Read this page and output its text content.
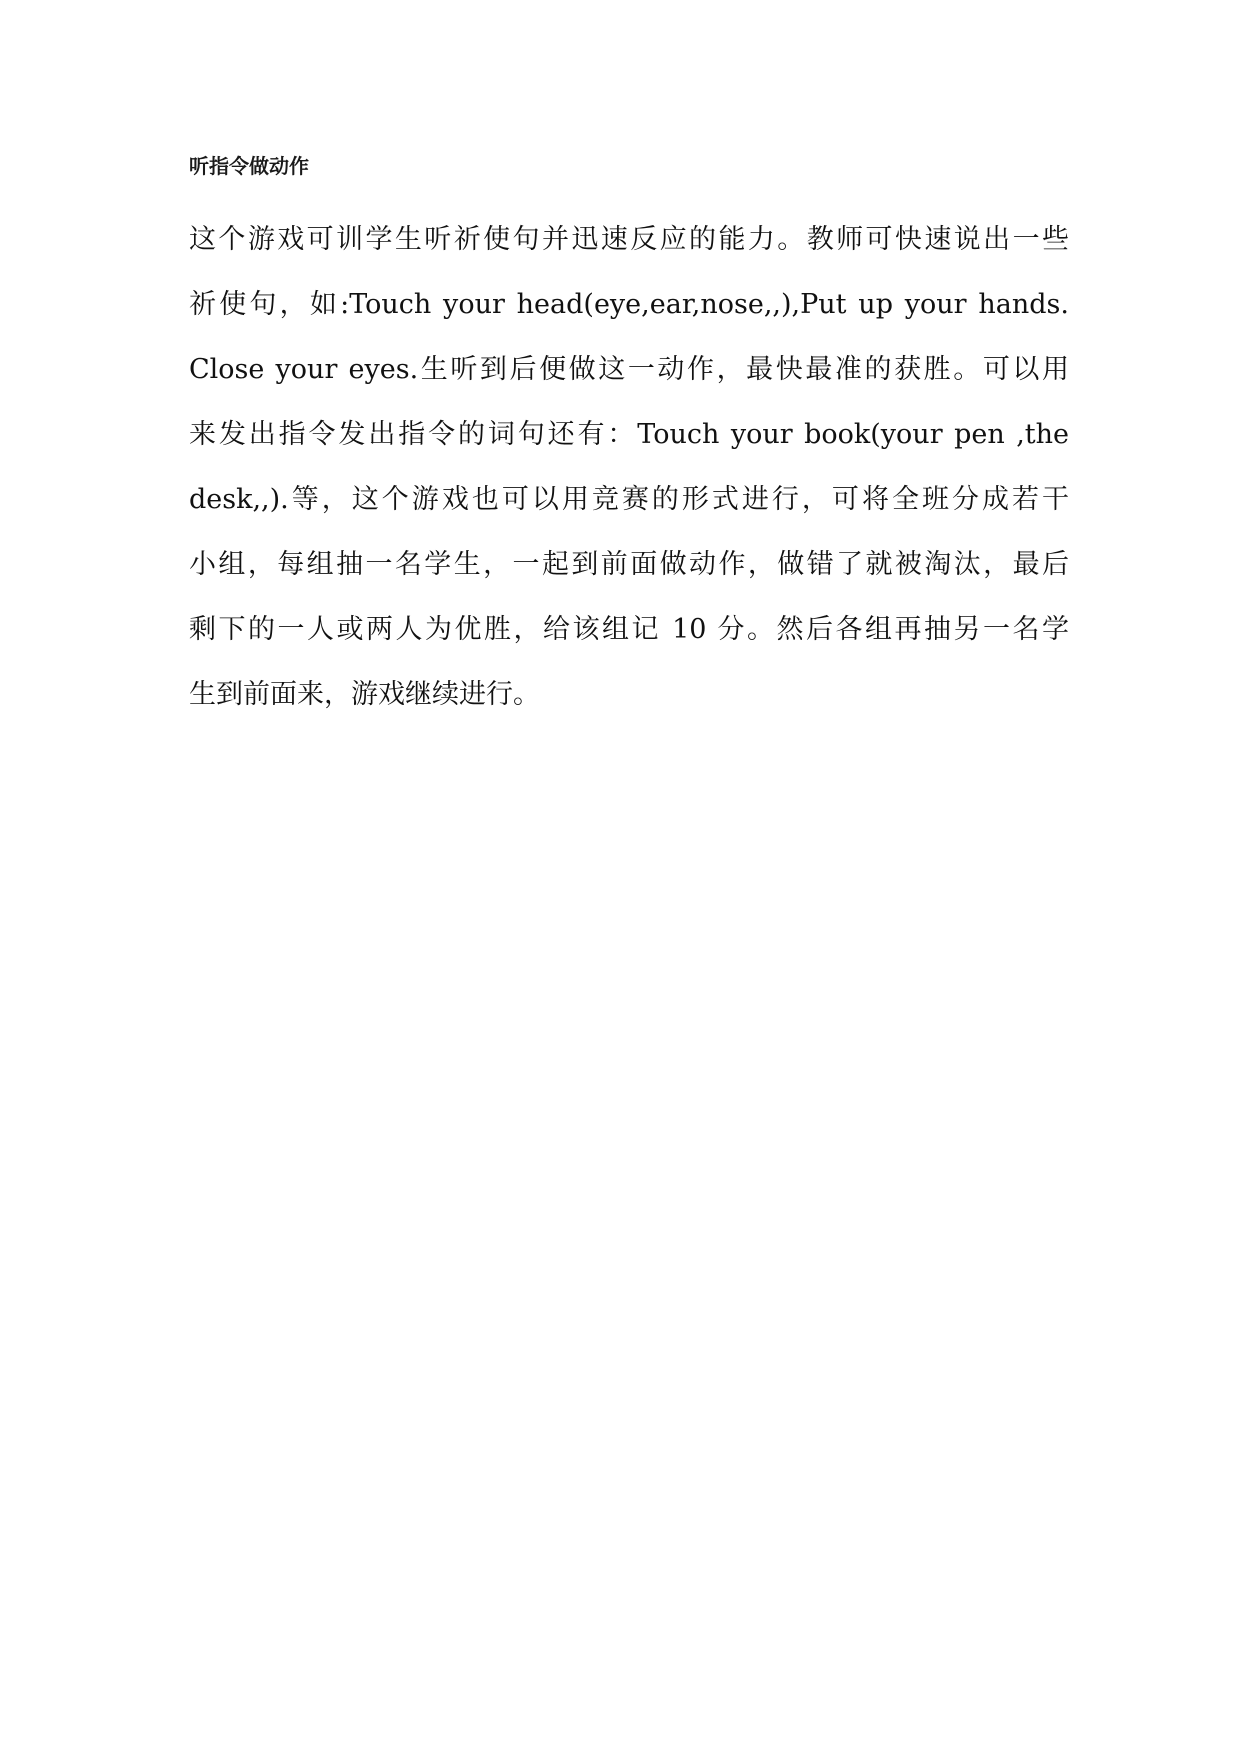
听指令做动作
这个游戏可训学生听祈使句并迅速反应的能力。教师可快速说出一些
祈使句，如:Touch your head(eye,ear,nose,,),Put up your hands.
Close your eyes.生听到后便做这一动作，最快最准的获胜。可以用
来发出指令发出指令的词句还有：Touch your book(your pen ,the
desk,,).等，这个游戏也可以用竞赛的形式进行，可将全班分成若干
小组，每组抽一名学生，一起到前面做动作，做错了就被淘汰，最后
剩下的一人或两人为优胜，给该组记 10 分。然后各组再抽另一名学
生到前面来，游戏继续进行。
